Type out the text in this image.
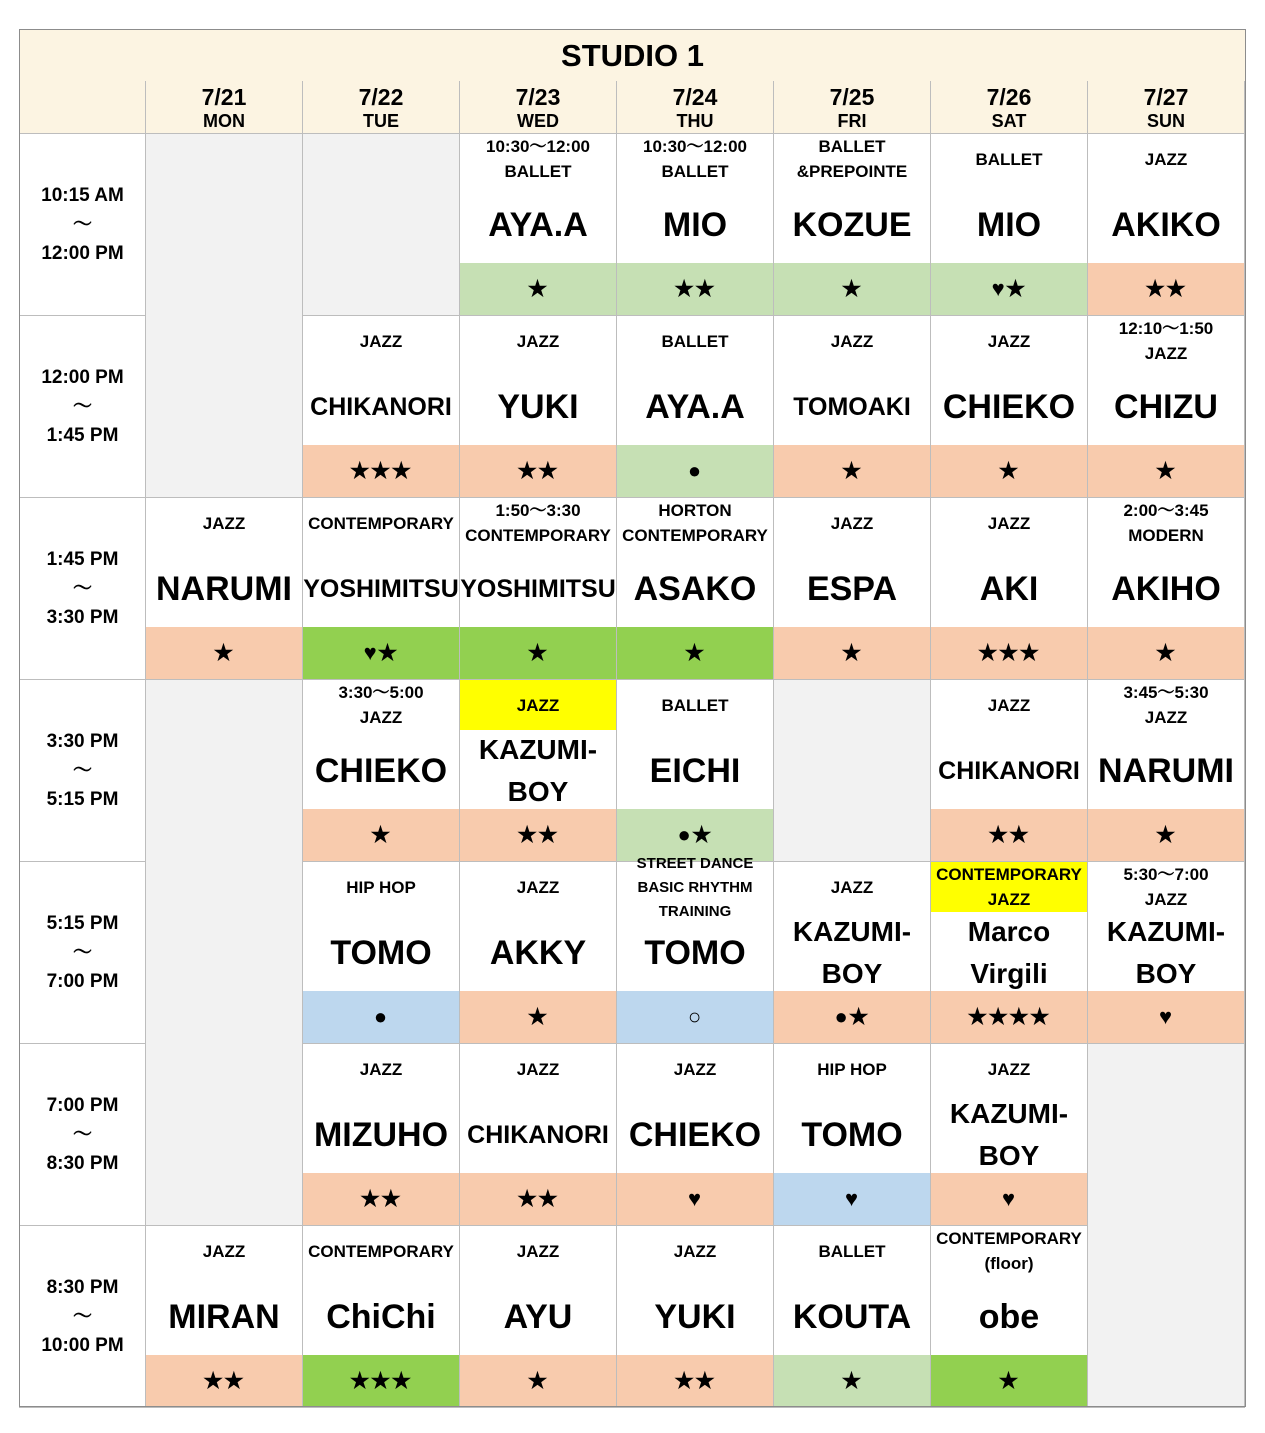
STUDIO 1
7/21
MON
7/22
TUE
7/23
WED
7/24
THU
7/25
FRI
7/26
SAT
7/27
SUN
10:15 AM
～
12:00 PM
12:00 PM
～
1:45 PM
1:45 PM
～
3:30 PM
3:30 PM
～
5:15 PM
5:15 PM
～
7:00 PM
7:00 PM
～
8:30 PM
8:30 PM
～
10:00 PM
10:30～12:00
BALLET
AYA.A
★
10:30～12:00
BALLET
MIO
★★
BALLET
&PREPOINTE
KOZUE
★
BALLET
MIO
♥★
JAZZ
AKIKO
★★
JAZZ
CHIKANORI
★★★
JAZZ
YUKI
★★
BALLET
AYA.A
●
JAZZ
TOMOAKI
★
JAZZ
CHIEKO
★
12:10～1:50
JAZZ
CHIZU
★
JAZZ
NARUMI
★
CONTEMPORARY
YOSHIMITSU
♥★
1:50～3:30
CONTEMPORARY
YOSHIMITSU
★
HORTON
CONTEMPORARY
ASAKO
★
JAZZ
ESPA
★
JAZZ
AKI
★★★
2:00～3:45
MODERN
AKIHO
★
3:30～5:00
JAZZ
CHIEKO
★
JAZZ
KAZUMI-BOY
★★
BALLET
EICHI
●★
JAZZ
CHIKANORI
★★
3:45～5:30
JAZZ
NARUMI
★
HIP HOP
TOMO
●
JAZZ
AKKY
★
STREET DANCE
BASIC RHYTHM
TRAINING
TOMO
○
JAZZ
KAZUMI-BOY
●★
CONTEMPORARY
JAZZ
Marco Virgili
★★★★
5:30～7:00
JAZZ
KAZUMI-BOY
♥
JAZZ
MIZUHO
★★
JAZZ
CHIKANORI
★★
JAZZ
CHIEKO
♥
HIP HOP
TOMO
♥
JAZZ
KAZUMI-BOY
♥
JAZZ
MIRAN
★★
CONTEMPORARY
ChiChi
★★★
JAZZ
AYU
★
JAZZ
YUKI
★★
BALLET
KOUTA
★
CONTEMPORARY
(floor)
obe
★
